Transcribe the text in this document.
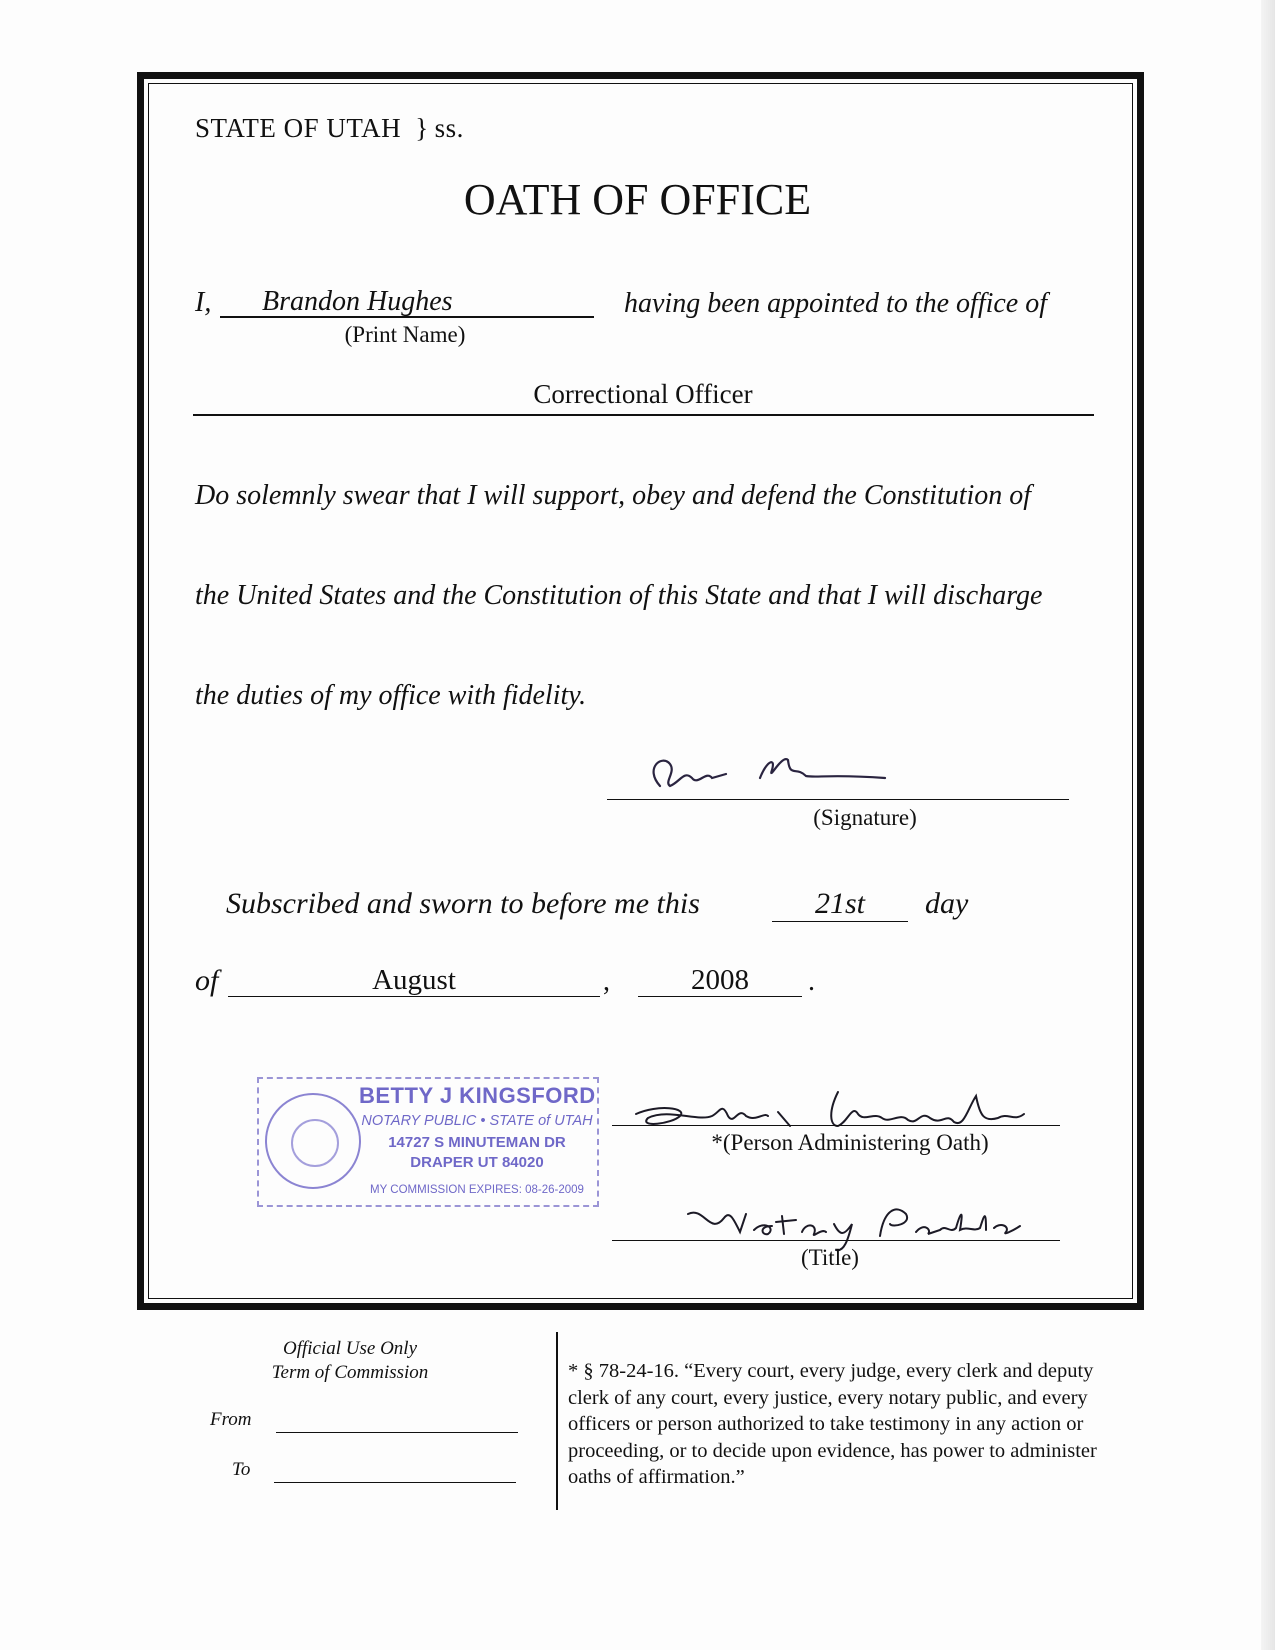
STATE OF UTAH } ss.
OATH OF OFFICE
I,	Brandon Hughes
(Print Name)
having been appointed to the office of
Correctional Officer
Do solemnly swear that I will support, obey and defend the Constitution of
the United States and the Constitution of this State and that I will discharge
the duties of my office with fidelity.
(Signature)
Subscribed and sworn to before me this	21st	day
of	August	,	2008	.
BETTY J KINGSFORD
NOTARY PUBLIC • STATE of UTAH
14727 S MINUTEMAN DR
DRAPER UT 84020
MY COMMISSION EXPIRES: 08-26-2009
*(Person Administering Oath)
(Title)
Official Use Only
Term of Commission
From
To
* § 78-24-16. “Every court, every judge, every clerk and deputy clerk of any court, every justice, every notary public, and every officers or person authorized to take testimony in any action or proceeding, or to decide upon evidence, has power to administer oaths of affirmation.”
